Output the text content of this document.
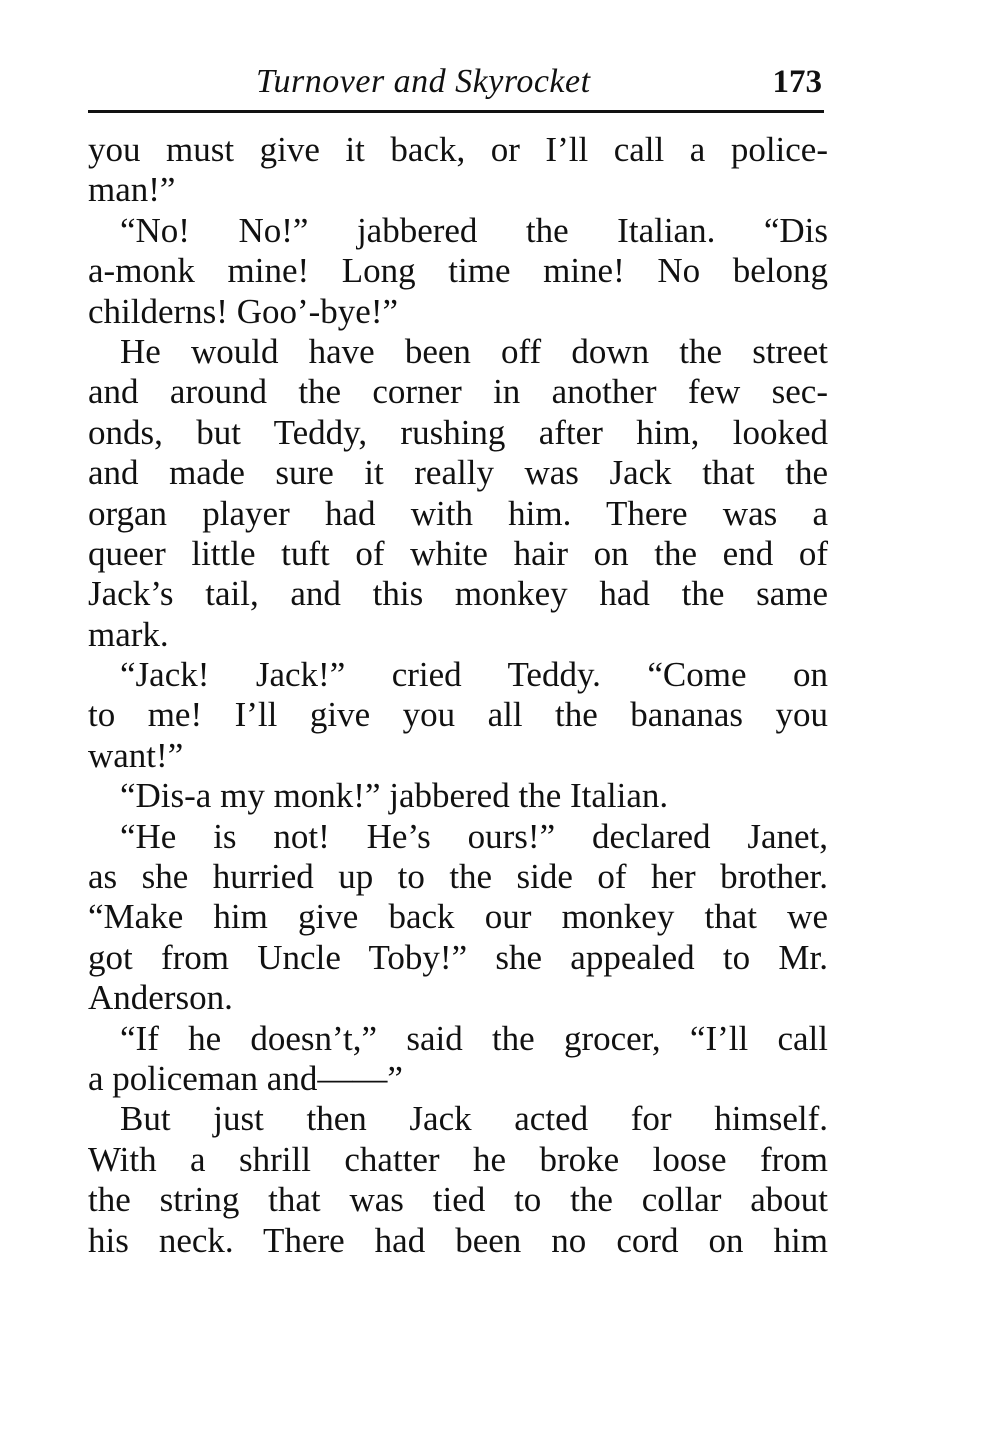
Turnover and Skyrocket	173
you must give it back, or I’ll call a police-
man!”
“No! No!” jabbered the Italian. “Dis
a-monk mine! Long time mine! No belong
childerns! Goo’-bye!”
He would have been off down the street
and around the corner in another few sec-
onds, but Teddy, rushing after him, looked
and made sure it really was Jack that the
organ player had with him. There was a
queer little tuft of white hair on the end of
Jack’s tail, and this monkey had the same
mark.
“Jack! Jack!” cried Teddy. “Come on
to me! I’ll give you all the bananas you
want!”
“Dis-a my monk!” jabbered the Italian.
“He is not! He’s ours!” declared Janet,
as she hurried up to the side of her brother.
“Make him give back our monkey that we
got from Uncle Toby!” she appealed to Mr.
Anderson.
“If he doesn’t,” said the grocer, “I’ll call
a policeman and——”
But just then Jack acted for himself.
With a shrill chatter he broke loose from
the string that was tied to the collar about
his neck. There had been no cord on him
